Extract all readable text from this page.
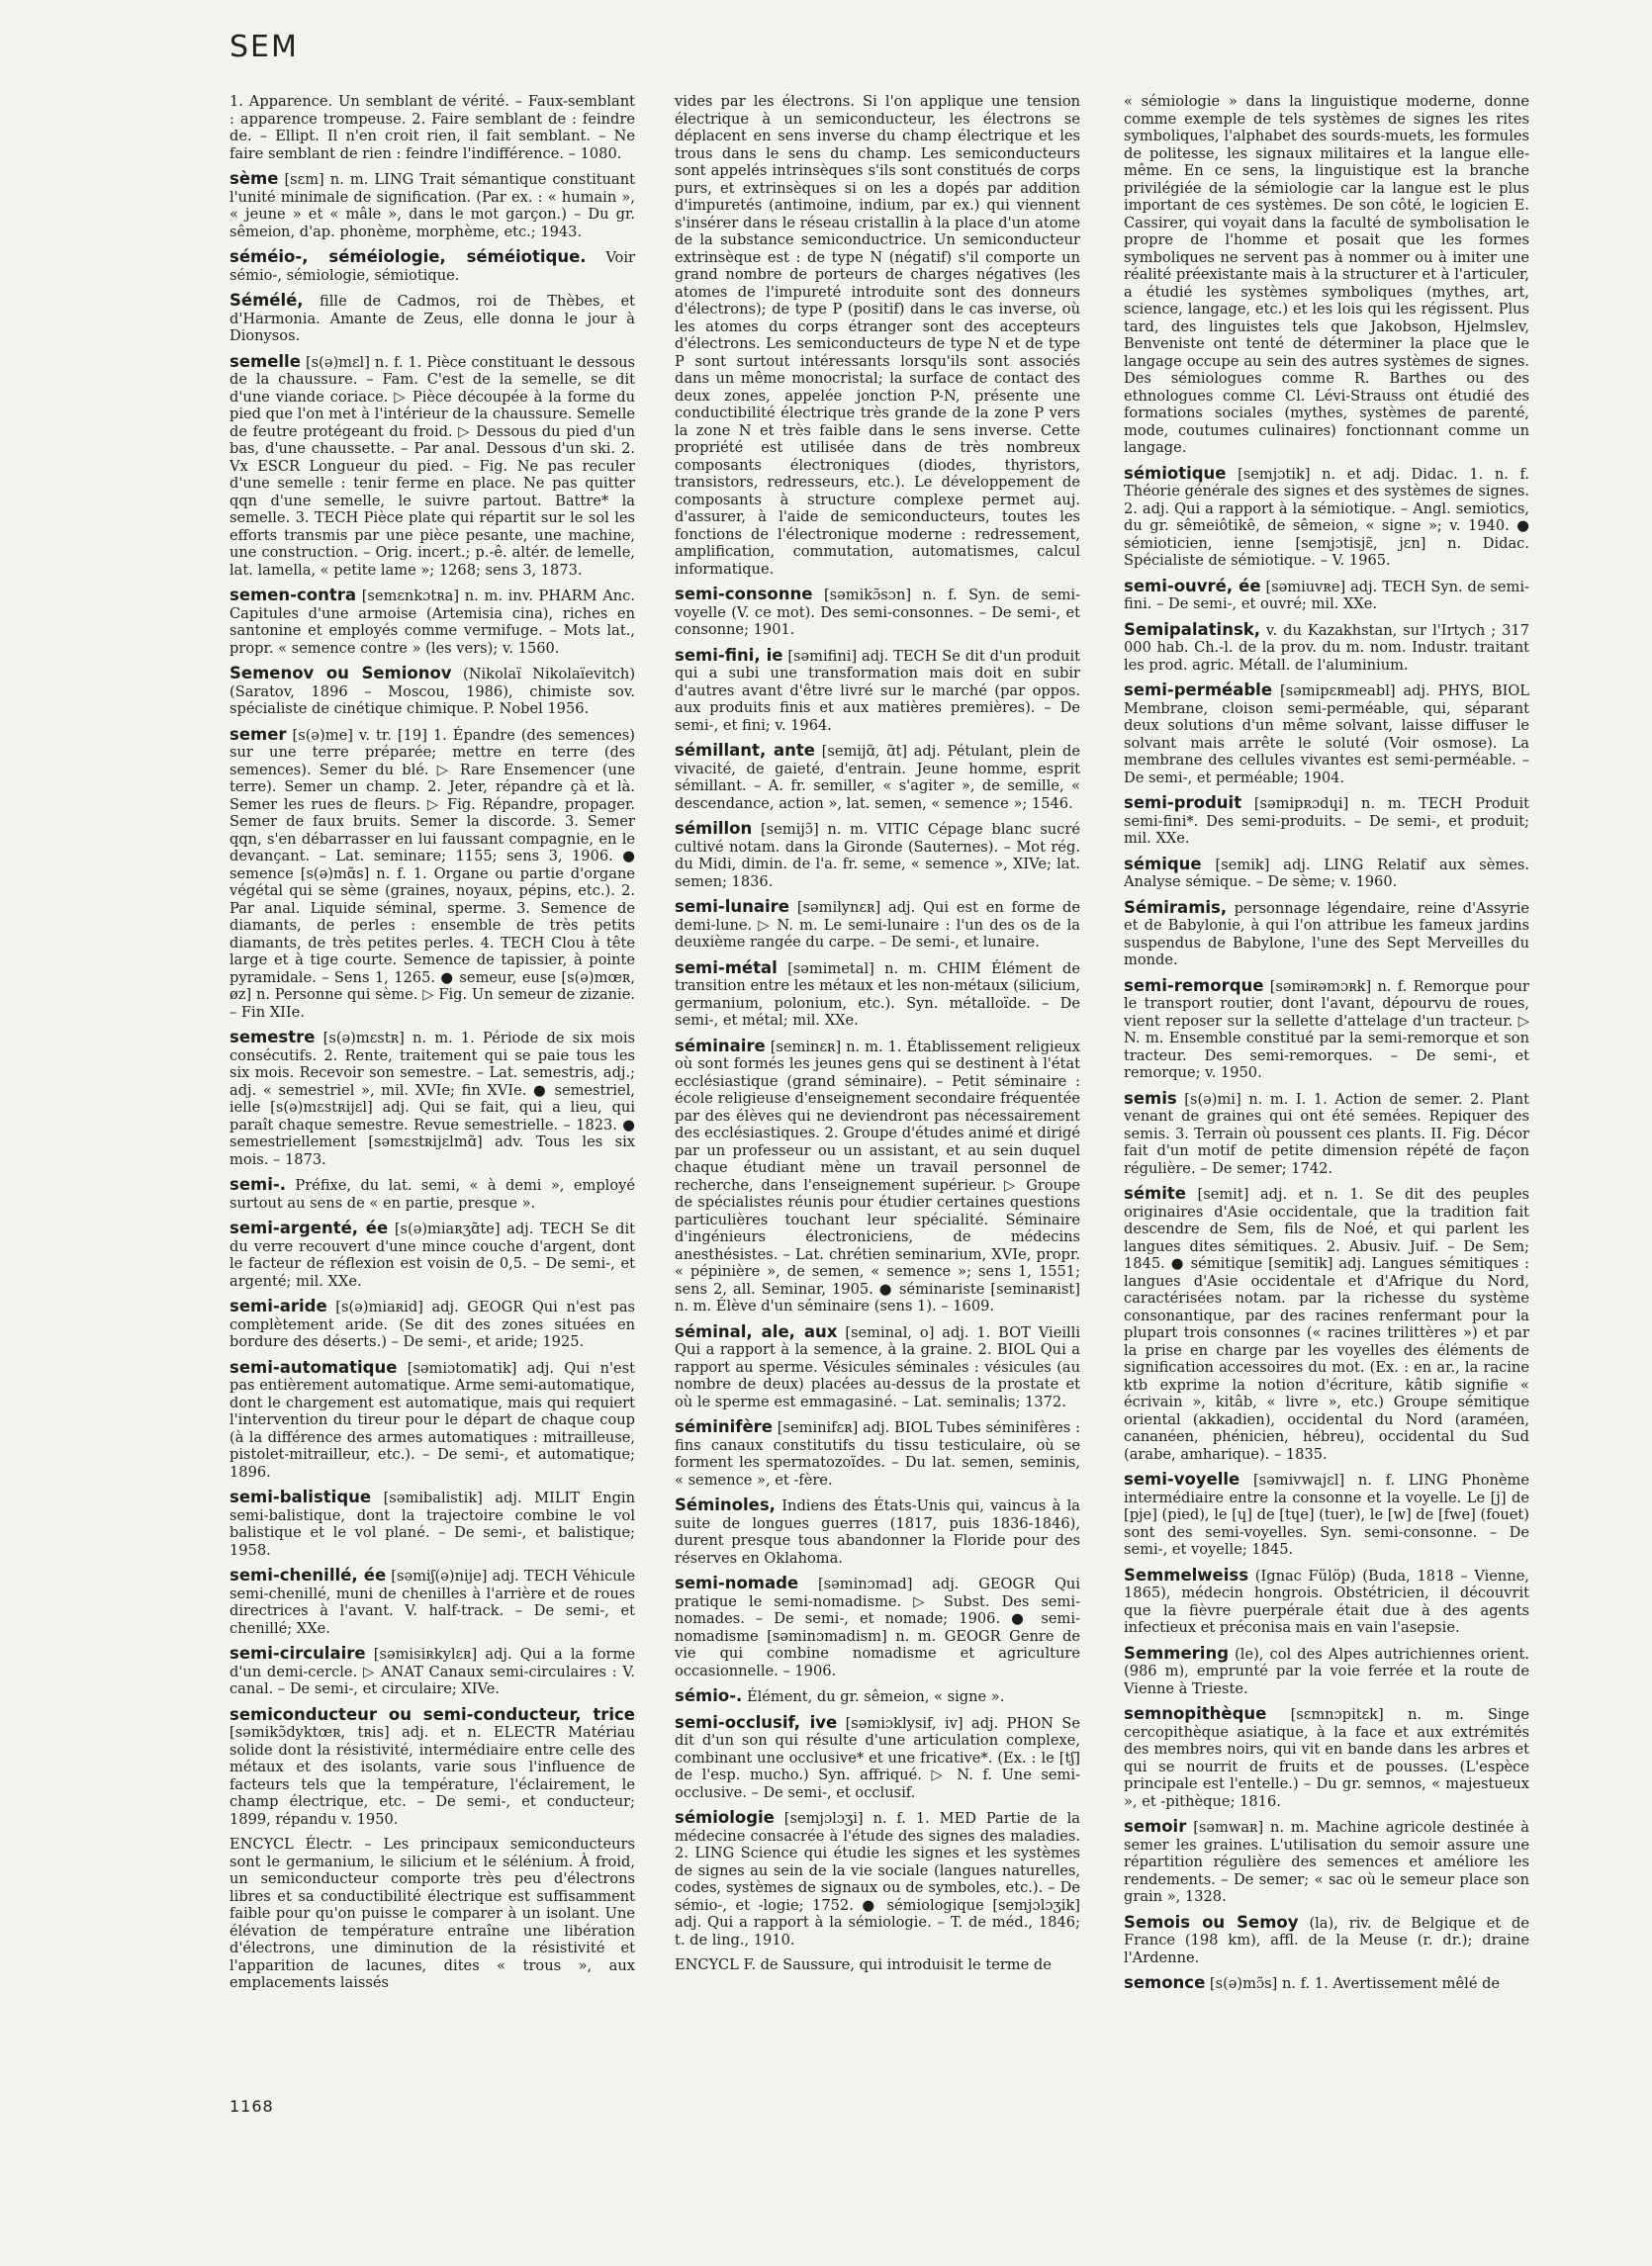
SEM

1. Apparence. Un semblant de vérité. – Faux-semblant : apparence trompeuse. 2. Faire semblant de : feindre de. – Ellipt. Il n'en croit rien, il fait semblant. – Ne faire semblant de rien : feindre l'indifférence. – 1080.

sème [sɛm] n. m. LING Trait sémantique constituant l'unité minimale de signification. (Par ex. : « humain », « jeune » et « mâle », dans le mot garçon.) – Du gr. sêmeion, d'ap. phonème, morphème, etc.; 1943.

séméio-, séméiologie, séméiotique. Voir sémio-, sémiologie, sémiotique.

Sémélé, fille de Cadmos, roi de Thèbes, et d'Harmonia. Amante de Zeus, elle donna le jour à Dionysos.

semelle [s(ə)mɛl] n. f. 1. Pièce constituant le dessous de la chaussure. – Fam. C'est de la semelle, se dit d'une viande coriace. ▷ Pièce découpée à la forme du pied que l'on met à l'intérieur de la chaussure. Semelle de feutre protégeant du froid. ▷ Dessous du pied d'un bas, d'une chaussette. – Par anal. Dessous d'un ski. 2. Vx ESCR Longueur du pied. – Fig. Ne pas reculer d'une semelle : tenir ferme en place. Ne pas quitter qqn d'une semelle, le suivre partout. Battre* la semelle. 3. TECH Pièce plate qui répartit sur le sol les efforts transmis par une pièce pesante, une machine, une construction. – Orig. incert.; p.-ê. altér. de lemelle, lat. lamella, « petite lame »; 1268; sens 3, 1873.

semen-contra [semɛnkɔtʀa] n. m. inv. PHARM Anc. Capitules d'une armoise (Artemisia cina), riches en santonine et employés comme vermifuge. – Mots lat., propr. « semence contre » (les vers); v. 1560.

Semenov ou Semionov (Nikolaï Nikolaïevitch) (Saratov, 1896 – Moscou, 1986), chimiste sov. spécialiste de cinétique chimique. P. Nobel 1956.

semer [s(ə)me] v. tr. [19] 1. Épandre (des semences) sur une terre préparée; mettre en terre (des semences). Semer du blé. ▷ Rare Ensemencer (une terre). Semer un champ. 2. Jeter, répandre çà et là. Semer les rues de fleurs. ▷ Fig. Répandre, propager. Semer de faux bruits. Semer la discorde. 3. Semer qqn, s'en débarrasser en lui faussant compagnie, en le devançant. – Lat. seminare; 1155; sens 3, 1906. ● semence [s(ə)mɑ̃s] n. f. 1. Organe ou partie d'organe végétal qui se sème (graines, noyaux, pépins, etc.). 2. Par anal. Liquide séminal, sperme. 3. Semence de diamants, de perles : ensemble de très petits diamants, de très petites perles. 4. TECH Clou à tête large et à tige courte. Semence de tapissier, à pointe pyramidale. – Sens 1, 1265. ● semeur, euse [s(ə)mœʀ, øz] n. Personne qui sème. ▷ Fig. Un semeur de zizanie. – Fin XIIe.

semestre [s(ə)mɛstʀ] n. m. 1. Période de six mois consécutifs. 2. Rente, traitement qui se paie tous les six mois. Recevoir son semestre. – Lat. semestris, adj.; adj. « semestriel », mil. XVIe; fin XVIe. ● semestriel, ielle [s(ə)mɛstʀijɛl] adj. Qui se fait, qui a lieu, qui paraît chaque semestre. Revue semestrielle. – 1823. ● semestriellement [səmɛstʀijɛlmɑ̃] adv. Tous les six mois. – 1873.

semi-. Préfixe, du lat. semi, « à demi », employé surtout au sens de « en partie, presque ».

semi-argenté, ée [s(ə)miaʀʒɑ̃te] adj. TECH Se dit du verre recouvert d'une mince couche d'argent, dont le facteur de réflexion est voisin de 0,5. – De semi-, et argenté; mil. XXe.

semi-aride [s(ə)miaʀid] adj. GEOGR Qui n'est pas complètement aride. (Se dit des zones situées en bordure des déserts.) – De semi-, et aride; 1925.

semi-automatique [səmiɔtomatik] adj. Qui n'est pas entièrement automatique. Arme semi-automatique, dont le chargement est automatique, mais qui requiert l'intervention du tireur pour le départ de chaque coup (à la différence des armes automatiques : mitrailleuse, pistolet-mitrailleur, etc.). – De semi-, et automatique; 1896.

semi-balistique [səmibalistik] adj. MILIT Engin semi-balistique, dont la trajectoire combine le vol balistique et le vol plané. – De semi-, et balistique; 1958.

semi-chenillé, ée [səmiʃ(ə)nije] adj. TECH Véhicule semi-chenillé, muni de chenilles à l'arrière et de roues directrices à l'avant. V. half-track. – De semi-, et chenillé; XXe.

semi-circulaire [səmisiʀkylɛʀ] adj. Qui a la forme d'un demi-cercle. ▷ ANAT Canaux semi-circulaires : V. canal. – De semi-, et circulaire; XIVe.

semiconducteur ou semi-conducteur, trice [səmikɔ̃dyktœʀ, tʀis] adj. et n. ELECTR Matériau solide dont la résistivité, intermédiaire entre celle des métaux et des isolants, varie sous l'influence de facteurs tels que la température, l'éclairement, le champ électrique, etc. – De semi-, et conducteur; 1899, répandu v. 1950.

ENCYCL Électr. – Les principaux semiconducteurs sont le germanium, le silicium et le sélénium. À froid, un semiconducteur comporte très peu d'électrons libres et sa conductibilité électrique est suffisamment faible pour qu'on puisse le comparer à un isolant. Une élévation de température entraîne une libération d'électrons, une diminution de la résistivité et l'apparition de lacunes, dites « trous », aux emplacements laissés

vides par les électrons. Si l'on applique une tension électrique à un semiconducteur, les électrons se déplacent en sens inverse du champ électrique et les trous dans le sens du champ. Les semiconducteurs sont appelés intrinsèques s'ils sont constitués de corps purs, et extrinsèques si on les a dopés par addition d'impuretés (antimoine, indium, par ex.) qui viennent s'insérer dans le réseau cristallin à la place d'un atome de la substance semiconductrice. Un semiconducteur extrinsèque est : de type N (négatif) s'il comporte un grand nombre de porteurs de charges négatives (les atomes de l'impureté introduite sont des donneurs d'électrons); de type P (positif) dans le cas inverse, où les atomes du corps étranger sont des accepteurs d'électrons. Les semiconducteurs de type N et de type P sont surtout intéressants lorsqu'ils sont associés dans un même monocristal; la surface de contact des deux zones, appelée jonction P-N, présente une conductibilité électrique très grande de la zone P vers la zone N et très faible dans le sens inverse. Cette propriété est utilisée dans de très nombreux composants électroniques (diodes, thyristors, transistors, redresseurs, etc.). Le développement de composants à structure complexe permet auj. d'assurer, à l'aide de semiconducteurs, toutes les fonctions de l'électronique moderne : redressement, amplification, commutation, automatismes, calcul informatique.

semi-consonne [səmikɔ̃sɔn] n. f. Syn. de semi-voyelle (V. ce mot). Des semi-consonnes. – De semi-, et consonne; 1901.

semi-fini, ie [səmifini] adj. TECH Se dit d'un produit qui a subi une transformation mais doit en subir d'autres avant d'être livré sur le marché (par oppos. aux produits finis et aux matières premières). – De semi-, et fini; v. 1964.

sémillant, ante [semijɑ̃, ɑ̃t] adj. Pétulant, plein de vivacité, de gaieté, d'entrain. Jeune homme, esprit sémillant. – A. fr. semiller, « s'agiter », de semille, « descendance, action », lat. semen, « semence »; 1546.

sémillon [semijɔ̃] n. m. VITIC Cépage blanc sucré cultivé notam. dans la Gironde (Sauternes). – Mot rég. du Midi, dimin. de l'a. fr. seme, « semence », XIVe; lat. semen; 1836.

semi-lunaire [səmilynɛʀ] adj. Qui est en forme de demi-lune. ▷ N. m. Le semi-lunaire : l'un des os de la deuxième rangée du carpe. – De semi-, et lunaire.

semi-métal [səmimetal] n. m. CHIM Élément de transition entre les métaux et les non-métaux (silicium, germanium, polonium, etc.). Syn. métalloïde. – De semi-, et métal; mil. XXe.

séminaire [seminɛʀ] n. m. 1. Établissement religieux où sont formés les jeunes gens qui se destinent à l'état ecclésiastique (grand séminaire). – Petit séminaire : école religieuse d'enseignement secondaire fréquentée par des élèves qui ne deviendront pas nécessairement des ecclésiastiques. 2. Groupe d'études animé et dirigé par un professeur ou un assistant, et au sein duquel chaque étudiant mène un travail personnel de recherche, dans l'enseignement supérieur. ▷ Groupe de spécialistes réunis pour étudier certaines questions particulières touchant leur spécialité. Séminaire d'ingénieurs électroniciens, de médecins anesthésistes. – Lat. chrétien seminarium, XVIe, propr. « pépinière », de semen, « semence »; sens 1, 1551; sens 2, all. Seminar, 1905. ● séminariste [seminaʀist] n. m. Élève d'un séminaire (sens 1). – 1609.

séminal, ale, aux [seminal, o] adj. 1. BOT Vieilli Qui a rapport à la semence, à la graine. 2. BIOL Qui a rapport au sperme. Vésicules séminales : vésicules (au nombre de deux) placées au-dessus de la prostate et où le sperme est emmagasiné. – Lat. seminalis; 1372.

séminifère [seminifɛʀ] adj. BIOL Tubes séminifères : fins canaux constitutifs du tissu testiculaire, où se forment les spermatozoïdes. – Du lat. semen, seminis, « semence », et -fère.

Séminoles, Indiens des États-Unis qui, vaincus à la suite de longues guerres (1817, puis 1836-1846), durent presque tous abandonner la Floride pour des réserves en Oklahoma.

semi-nomade [səminɔmad] adj. GEOGR Qui pratique le semi-nomadisme. ▷ Subst. Des semi-nomades. – De semi-, et nomade; 1906. ● semi-nomadisme [səminɔmadism] n. m. GEOGR Genre de vie qui combine nomadisme et agriculture occasionnelle. – 1906.

sémio-. Élément, du gr. sêmeion, « signe ».

semi-occlusif, ive [səmiɔklysif, iv] adj. PHON Se dit d'un son qui résulte d'une articulation complexe, combinant une occlusive* et une fricative*. (Ex. : le [tʃ] de l'esp. mucho.) Syn. affriqué. ▷ N. f. Une semi-occlusive. – De semi-, et occlusif.

sémiologie [semjɔlɔʒi] n. f. 1. MED Partie de la médecine consacrée à l'étude des signes des maladies. 2. LING Science qui étudie les signes et les systèmes de signes au sein de la vie sociale (langues naturelles, codes, systèmes de signaux ou de symboles, etc.). – De sémio-, et -logie; 1752. ● sémiologique [semjɔlɔʒik] adj. Qui a rapport à la sémiologie. – T. de méd., 1846; t. de ling., 1910.

ENCYCL F. de Saussure, qui introduisit le terme de

« sémiologie » dans la linguistique moderne, donne comme exemple de tels systèmes de signes les rites symboliques, l'alphabet des sourds-muets, les formules de politesse, les signaux militaires et la langue elle-même. En ce sens, la linguistique est la branche privilégiée de la sémiologie car la langue est le plus important de ces systèmes. De son côté, le logicien E. Cassirer, qui voyait dans la faculté de symbolisation le propre de l'homme et posait que les formes symboliques ne servent pas à nommer ou à imiter une réalité préexistante mais à la structurer et à l'articuler, a étudié les systèmes symboliques (mythes, art, science, langage, etc.) et les lois qui les régissent. Plus tard, des linguistes tels que Jakobson, Hjelmslev, Benveniste ont tenté de déterminer la place que le langage occupe au sein des autres systèmes de signes. Des sémiologues comme R. Barthes ou des ethnologues comme Cl. Lévi-Strauss ont étudié des formations sociales (mythes, systèmes de parenté, mode, coutumes culinaires) fonctionnant comme un langage.

sémiotique [semjɔtik] n. et adj. Didac. 1. n. f. Théorie générale des signes et des systèmes de signes. 2. adj. Qui a rapport à la sémiotique. – Angl. semiotics, du gr. sêmeiôtikê, de sêmeion, « signe »; v. 1940. ● sémioticien, ienne [semjɔtisjɛ̃, jɛn] n. Didac. Spécialiste de sémiotique. – V. 1965.

semi-ouvré, ée [səmiuvʀe] adj. TECH Syn. de semi-fini. – De semi-, et ouvré; mil. XXe.

Semipalatinsk, v. du Kazakhstan, sur l'Irtych ; 317 000 hab. Ch.-l. de la prov. du m. nom. Industr. traitant les prod. agric. Métall. de l'aluminium.

semi-perméable [səmipɛʀmeabl] adj. PHYS, BIOL Membrane, cloison semi-perméable, qui, séparant deux solutions d'un même solvant, laisse diffuser le solvant mais arrête le soluté (Voir osmose). La membrane des cellules vivantes est semi-perméable. – De semi-, et perméable; 1904.

semi-produit [səmipʀɔdɥi] n. m. TECH Produit semi-fini*. Des semi-produits. – De semi-, et produit; mil. XXe.

sémique [semik] adj. LING Relatif aux sèmes. Analyse sémique. – De sème; v. 1960.

Sémiramis, personnage légendaire, reine d'Assyrie et de Babylonie, à qui l'on attribue les fameux jardins suspendus de Babylone, l'une des Sept Merveilles du monde.

semi-remorque [səmiʀəmɔʀk] n. f. Remorque pour le transport routier, dont l'avant, dépourvu de roues, vient reposer sur la sellette d'attelage d'un tracteur. ▷ N. m. Ensemble constitué par la semi-remorque et son tracteur. Des semi-remorques. – De semi-, et remorque; v. 1950.

semis [s(ə)mi] n. m. I. 1. Action de semer. 2. Plant venant de graines qui ont été semées. Repiquer des semis. 3. Terrain où poussent ces plants. II. Fig. Décor fait d'un motif de petite dimension répété de façon régulière. – De semer; 1742.

sémite [semit] adj. et n. 1. Se dit des peuples originaires d'Asie occidentale, que la tradition fait descendre de Sem, fils de Noé, et qui parlent les langues dites sémitiques. 2. Abusiv. Juif. – De Sem; 1845. ● sémitique [semitik] adj. Langues sémitiques : langues d'Asie occidentale et d'Afrique du Nord, caractérisées notam. par la richesse du système consonantique, par des racines renfermant pour la plupart trois consonnes (« racines trilittères ») et par la prise en charge par les voyelles des éléments de signification accessoires du mot. (Ex. : en ar., la racine ktb exprime la notion d'écriture, kâtib signifie « écrivain », kitâb, « livre », etc.) Groupe sémitique oriental (akkadien), occidental du Nord (araméen, cananéen, phénicien, hébreu), occidental du Sud (arabe, amharique). – 1835.

semi-voyelle [səmivwajɛl] n. f. LING Phonème intermédiaire entre la consonne et la voyelle. Le [j] de [pje] (pied), le [ɥ] de [tɥe] (tuer), le [w] de [fwe] (fouet) sont des semi-voyelles. Syn. semi-consonne. – De semi-, et voyelle; 1845.

Semmelweiss (Ignac Fülöp) (Buda, 1818 – Vienne, 1865), médecin hongrois. Obstétricien, il découvrit que la fièvre puerpérale était due à des agents infectieux et préconisa mais en vain l'asepsie.

Semmering (le), col des Alpes autrichiennes orient. (986 m), emprunté par la voie ferrée et la route de Vienne à Trieste.

semnopithèque [sɛmnɔpitɛk] n. m. Singe cercopithèque asiatique, à la face et aux extrémités des membres noirs, qui vit en bande dans les arbres et qui se nourrit de fruits et de pousses. (L'espèce principale est l'entelle.) – Du gr. semnos, « majestueux », et -pithèque; 1816.

semoir [səmwaʀ] n. m. Machine agricole destinée à semer les graines. L'utilisation du semoir assure une répartition régulière des semences et améliore les rendements. – De semer; « sac où le semeur place son grain », 1328.

Semois ou Semoy (la), riv. de Belgique et de France (198 km), affl. de la Meuse (r. dr.); draine l'Ardenne.

semonce [s(ə)mɔ̃s] n. f. 1. Avertissement mêlé de

1168
